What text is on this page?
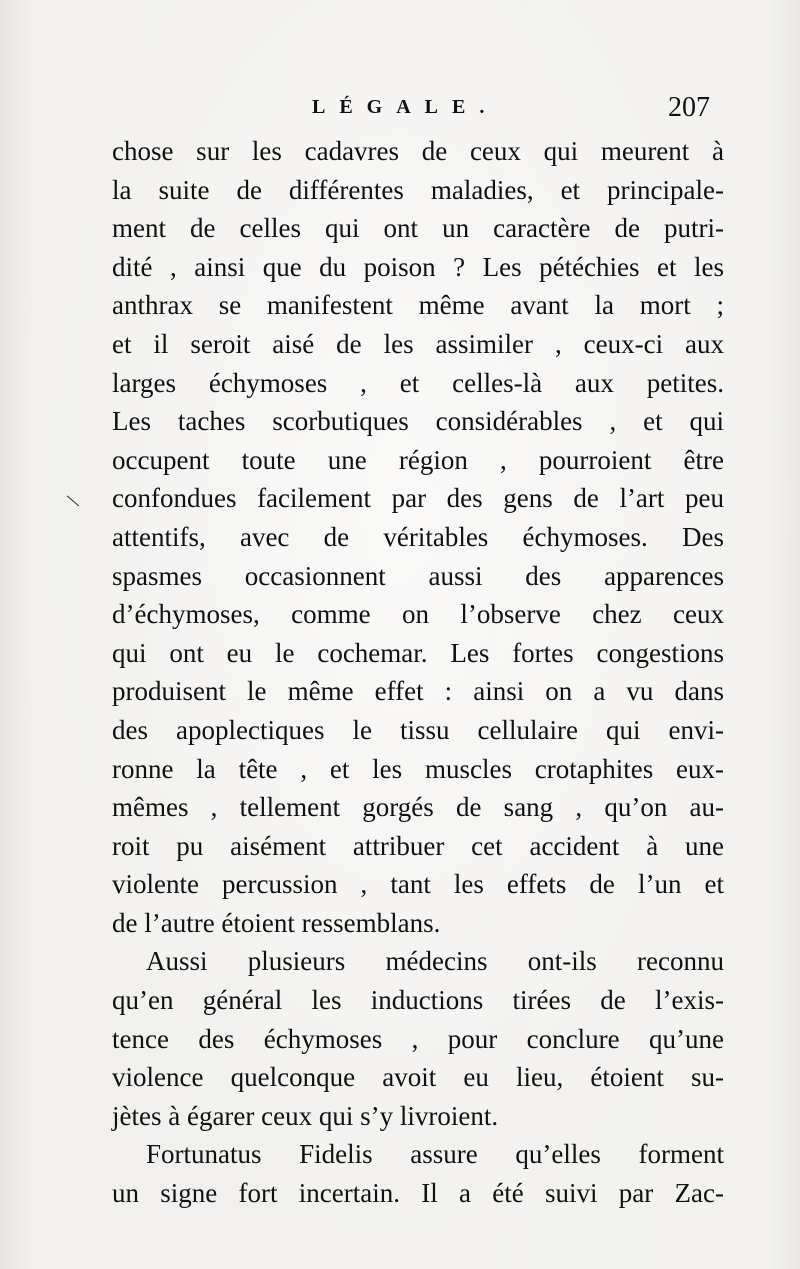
LÉGALE.	207
\
chose sur les cadavres de ceux qui meurent à
la suite de différentes maladies, et principale-
ment de celles qui ont un caractère de putri-
dité , ainsi que du poison ? Les pétéchies et les
anthrax se manifestent même avant la mort ;
et il seroit aisé de les assimiler , ceux-ci aux
larges échymoses , et celles-là aux petites.
Les taches scorbutiques considérables , et qui
occupent toute une région , pourroient être
confondues facilement par des gens de l’art peu
attentifs, avec de véritables échymoses. Des
spasmes occasionnent aussi des apparences
d’échymoses, comme on l’observe chez ceux
qui ont eu le cochemar. Les fortes congestions
produisent le même effet : ainsi on a vu dans
des apoplectiques le tissu cellulaire qui envi-
ronne la tête , et les muscles crotaphites eux-
mêmes , tellement gorgés de sang , qu’on au-
roit pu aisément attribuer cet accident à une
violente percussion , tant les effets de l’un et
de l’autre étoient ressemblans.
Aussi plusieurs médecins ont-ils reconnu
qu’en général les inductions tirées de l’exis-
tence des échymoses , pour conclure qu’une
violence quelconque avoit eu lieu, étoient su-
jètes à égarer ceux qui s’y livroient.
Fortunatus Fidelis assure qu’elles forment
un signe fort incertain. Il a été suivi par Zac-
